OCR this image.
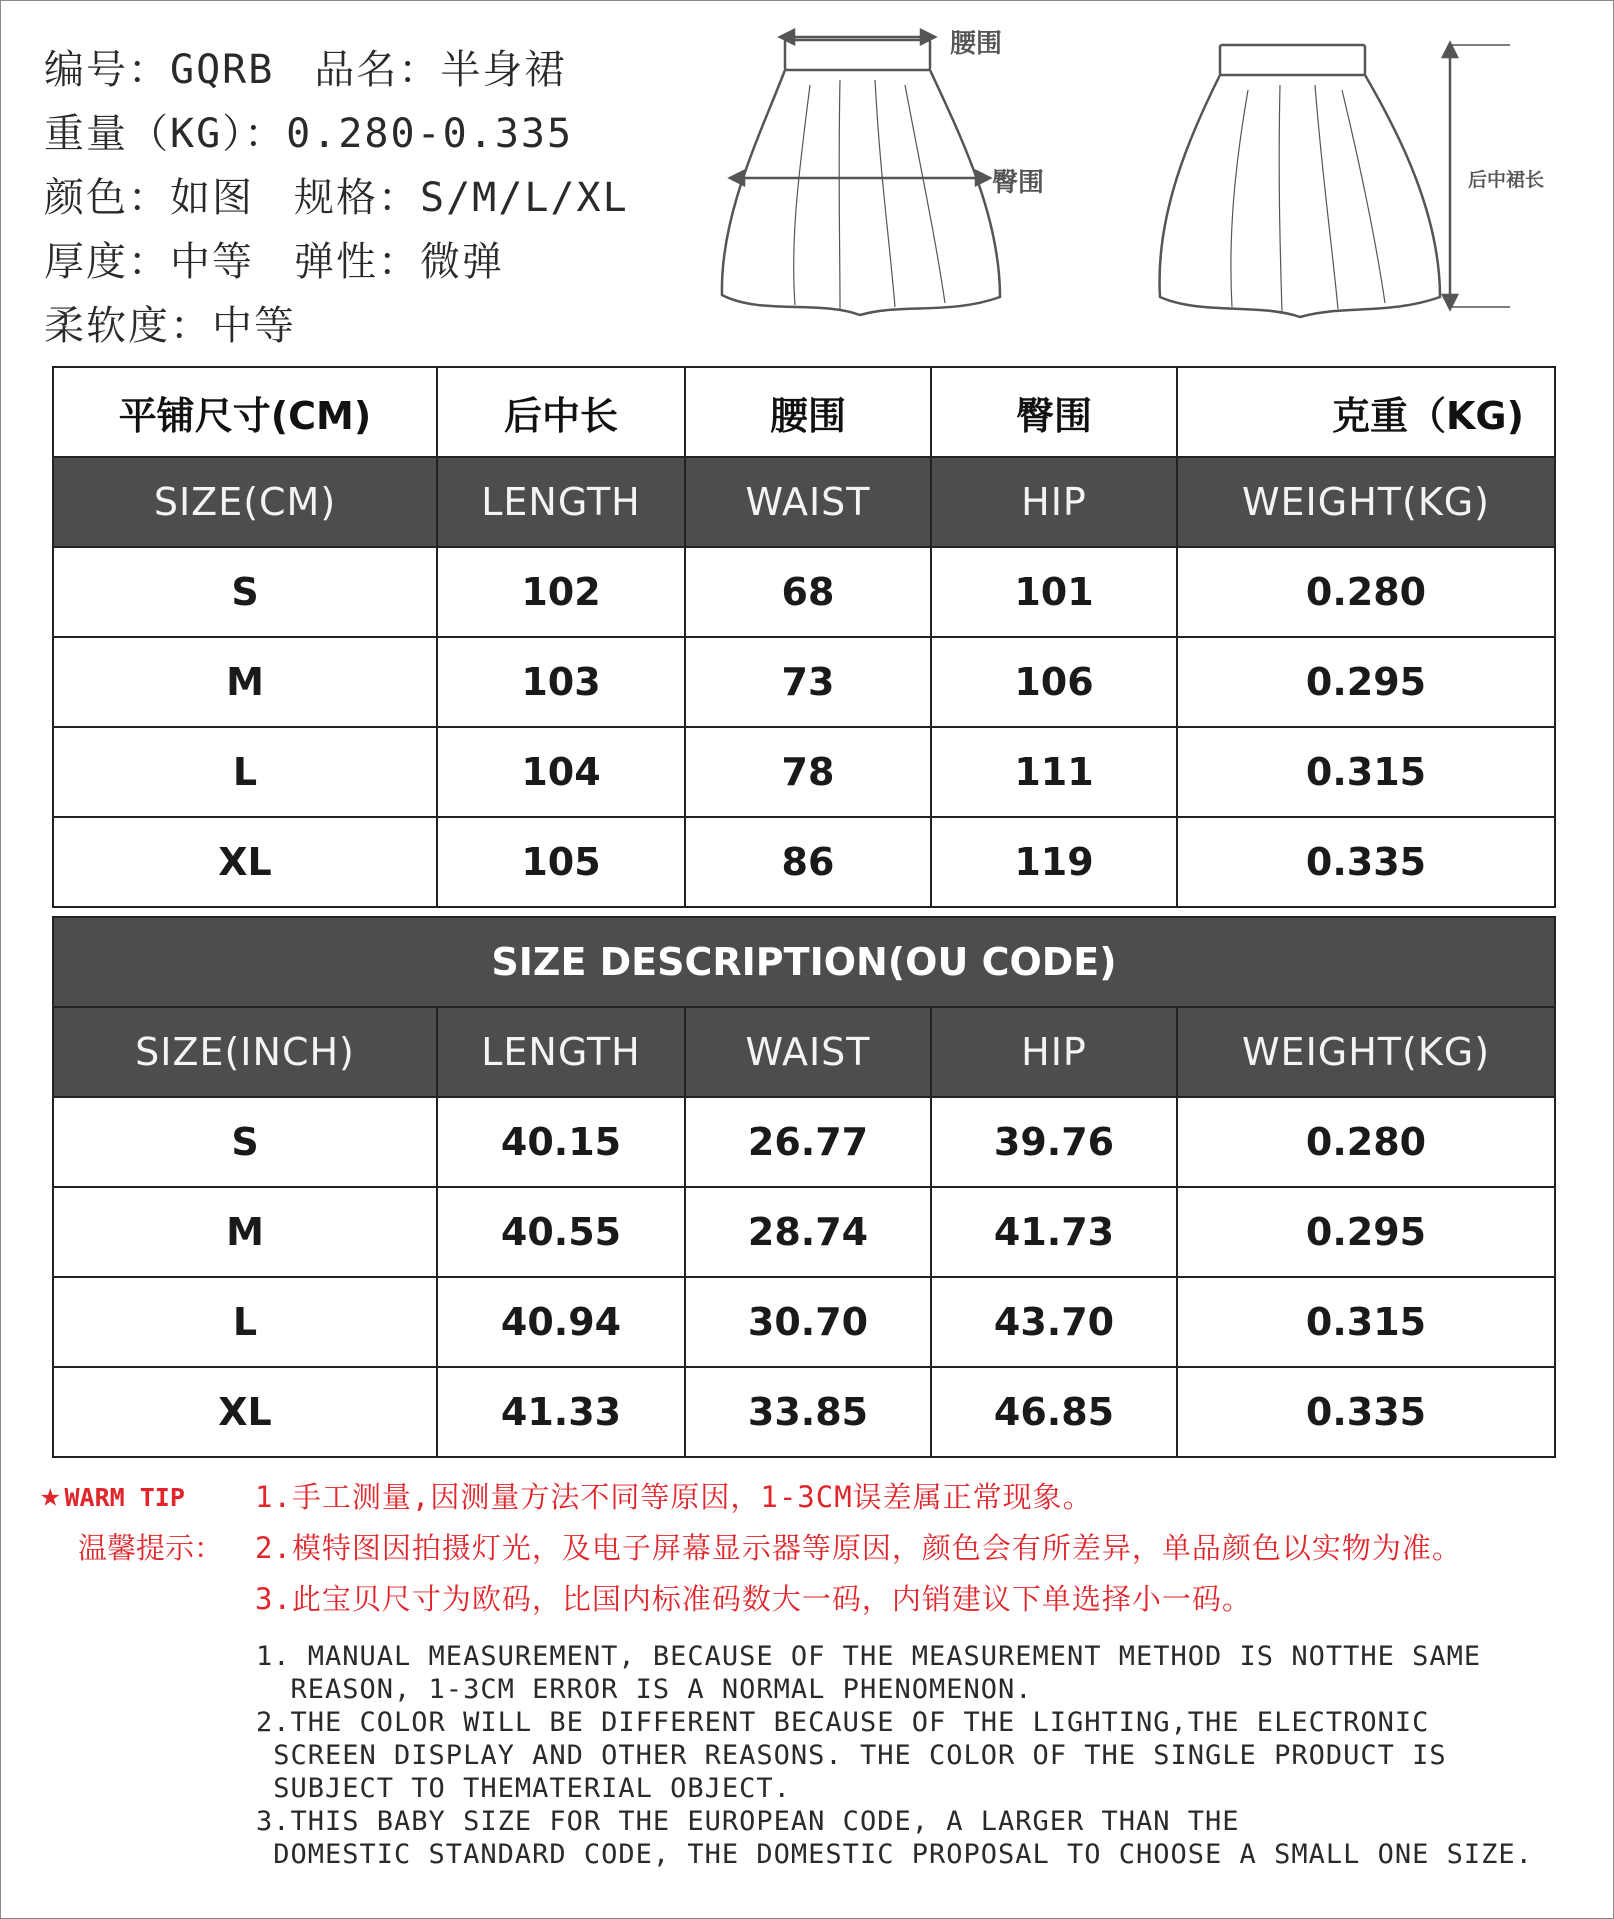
编号：GQRB 品名：半身裙
重量（KG）：0.280-0.335
颜色：如图 规格：S/M/L/XL
厚度：中等 弹性：微弹
柔软度：中等
腰围
臀围	后中裙长
平铺尺寸(CM)	后中长	腰围	臀围	克重（KG)
SIZE(CM)	LENGTH	WAIST	HIP	WEIGHT(KG)
S	102	68	101	0.280
M	103	73	106	0.295
L	104	78	111	0.315
XL	105	86	119	0.335
SIZE DESCRIPTION(OU CODE)				
SIZE(INCH)	LENGTH	WAIST	HIP	WEIGHT(KG)
S	40.15	26.77	39.76	0.280
M	40.55	28.74	41.73	0.295
L	40.94	30.70	43.70	0.315
XL	41.33	33.85	46.85	0.335
★ WARM TIP
温馨提示：
1.手工测量,因测量方法不同等原因，1-3CM误差属正常现象。
2.模特图因拍摄灯光，及电子屏幕显示器等原因，颜色会有所差异，单品颜色以实物为准。
3.此宝贝尺寸为欧码，比国内标准码数大一码，内销建议下单选择小一码。
1. MANUAL MEASUREMENT, BECAUSE OF THE MEASUREMENT METHOD IS NOTTHE SAME
REASON, 1-3CM ERROR IS A NORMAL PHENOMENON.
2.THE COLOR WILL BE DIFFERENT BECAUSE OF THE LIGHTING,THE ELECTRONIC
SCREEN DISPLAY AND OTHER REASONS. THE COLOR OF THE SINGLE PRODUCT IS
SUBJECT TO THEMATERIAL OBJECT.
3.THIS BABY SIZE FOR THE EUROPEAN CODE, A LARGER THAN THE
DOMESTIC STANDARD CODE, THE DOMESTIC PROPOSAL TO CHOOSE A SMALL ONE SIZE.
